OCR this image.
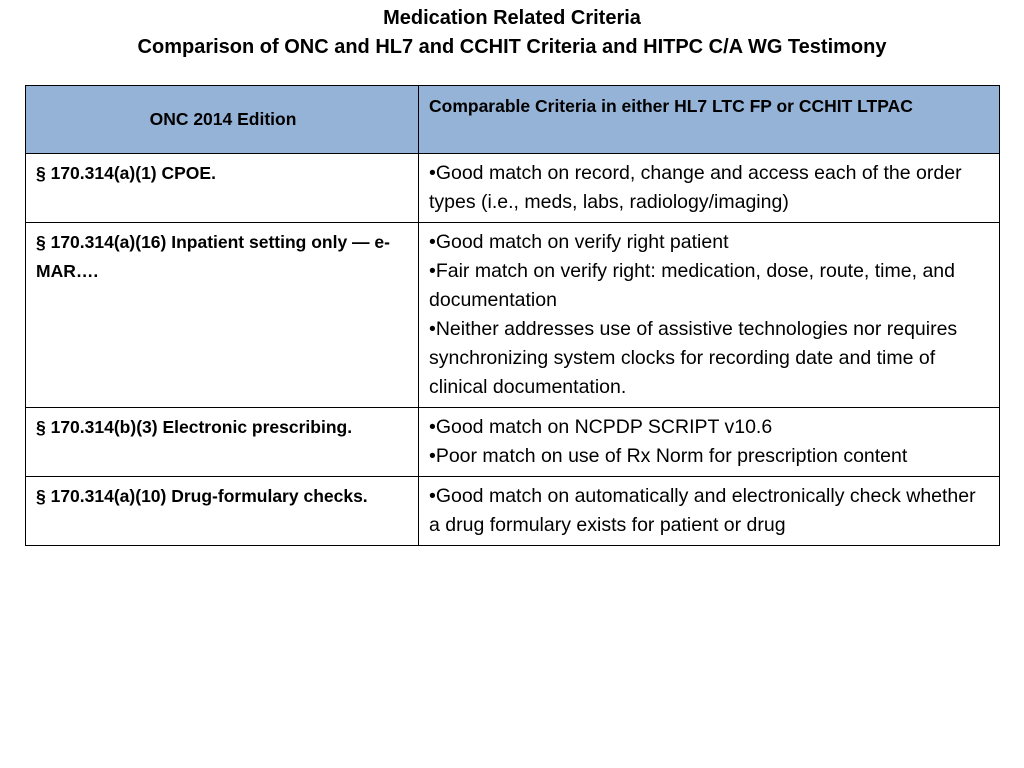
Medication Related Criteria
Comparison of ONC and HL7 and CCHIT Criteria and HITPC C/A WG Testimony
ONC 2014 Edition	Comparable Criteria in either HL7 LTC FP or CCHIT LTPAC
§ 170.314(a)(1) CPOE.	• Good match on record, change and access each of the order types (i.e., meds, labs, radiology/imaging)

§ 170.314(a)(16) Inpatient setting only — e-MAR….	• Good match on verify right patient
• Fair match on verify right: medication, dose, route, time, and documentation
• Neither addresses use of assistive technologies nor requires synchronizing system clocks for recording date and time of clinical documentation.

§ 170.314(b)(3) Electronic prescribing.	• Good match on NCPDP SCRIPT v10.6
• Poor match on use of Rx Norm for prescription content

§ 170.314(a)(10) Drug-formulary checks.	• Good match on automatically and electronically check whether a drug formulary exists for patient or drug
